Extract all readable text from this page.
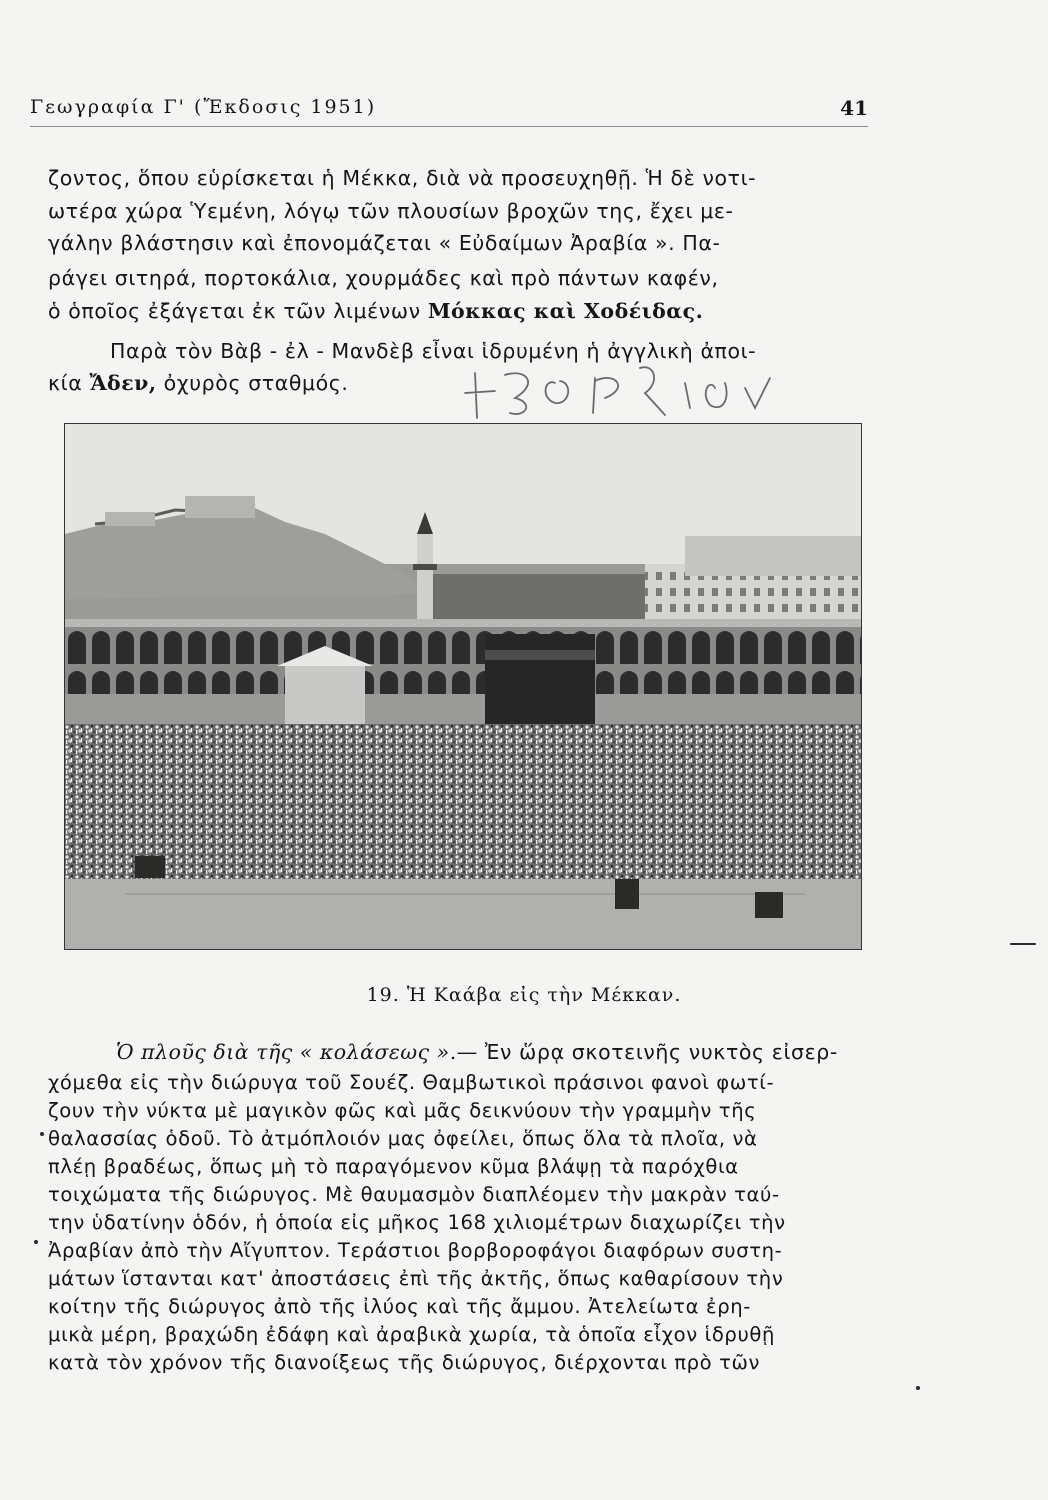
Γεωγραφία Γ' (Ἔκδοσις 1951)	41
ζοντος, ὅπου εὑρίσκεται ἡ Μέκκα, διὰ νὰ προσευχηθῇ. Ἡ δὲ νοτι-
ωτέρα χώρα Ὑεμένη, λόγῳ τῶν πλουσίων βροχῶν της, ἔχει με-
γάλην βλάστησιν καὶ ἐπονομάζεται « Εὐδαίμων Ἀραβία ». Πα-
ράγει σιτηρά, πορτοκάλια, χουρμάδες καὶ πρὸ πάντων καφέν,
ὁ ὁποῖος ἐξάγεται ἐκ τῶν λιμένων Μόκκας καὶ Χοδέιδας.
Παρὰ τὸν Βὰβ - ἐλ - Μανδὲβ εἶναι ἱδρυμένη ἡ ἀγγλικὴ ἀποι-
κία Ἄδεν, ὀχυρὸς σταθμός.
19. Ἡ Καάβα εἰς τὴν Μέκκαν.
Ὁ πλοῦς διὰ τῆς « κολάσεως ».— Ἐν ὥρᾳ σκοτεινῆς νυκτὸς εἰσερ-
χόμεθα εἰς τὴν διώρυγα τοῦ Σουέζ. Θαμβωτικοὶ πράσινοι φανοὶ φωτί-
ζουν τὴν νύκτα μὲ μαγικὸν φῶς καὶ μᾶς δεικνύουν τὴν γραμμὴν τῆς
θαλασσίας ὁδοῦ. Τὸ ἀτμόπλοιόν μας ὀφείλει, ὅπως ὅλα τὰ πλοῖα, νὰ
πλέῃ βραδέως, ὅπως μὴ τὸ παραγόμενον κῦμα βλάψῃ τὰ παρόχθια
τοιχώματα τῆς διώρυγος. Μὲ θαυμασμὸν διαπλέομεν τὴν μακρὰν ταύ-
την ὑδατίνην ὁδόν, ἡ ὁποία εἰς μῆκος 168 χιλιομέτρων διαχωρίζει τὴν
Ἀραβίαν ἀπὸ τὴν Αἴγυπτον. Τεράστιοι βορβοροφάγοι διαφόρων συστη-
μάτων ἵστανται κατ' ἀποστάσεις ἐπὶ τῆς ἀκτῆς, ὅπως καθαρίσουν τὴν
κοίτην τῆς διώρυγος ἀπὸ τῆς ἰλύος καὶ τῆς ἄμμου. Ἀτελείωτα ἐρη-
μικὰ μέρη, βραχώδη ἐδάφη καὶ ἀραβικὰ χωρία, τὰ ὁποῖα εἶχον ἱδρυθῇ
κατὰ τὸν χρόνον τῆς διανοίξεως τῆς διώρυγος, διέρχονται πρὸ τῶν
